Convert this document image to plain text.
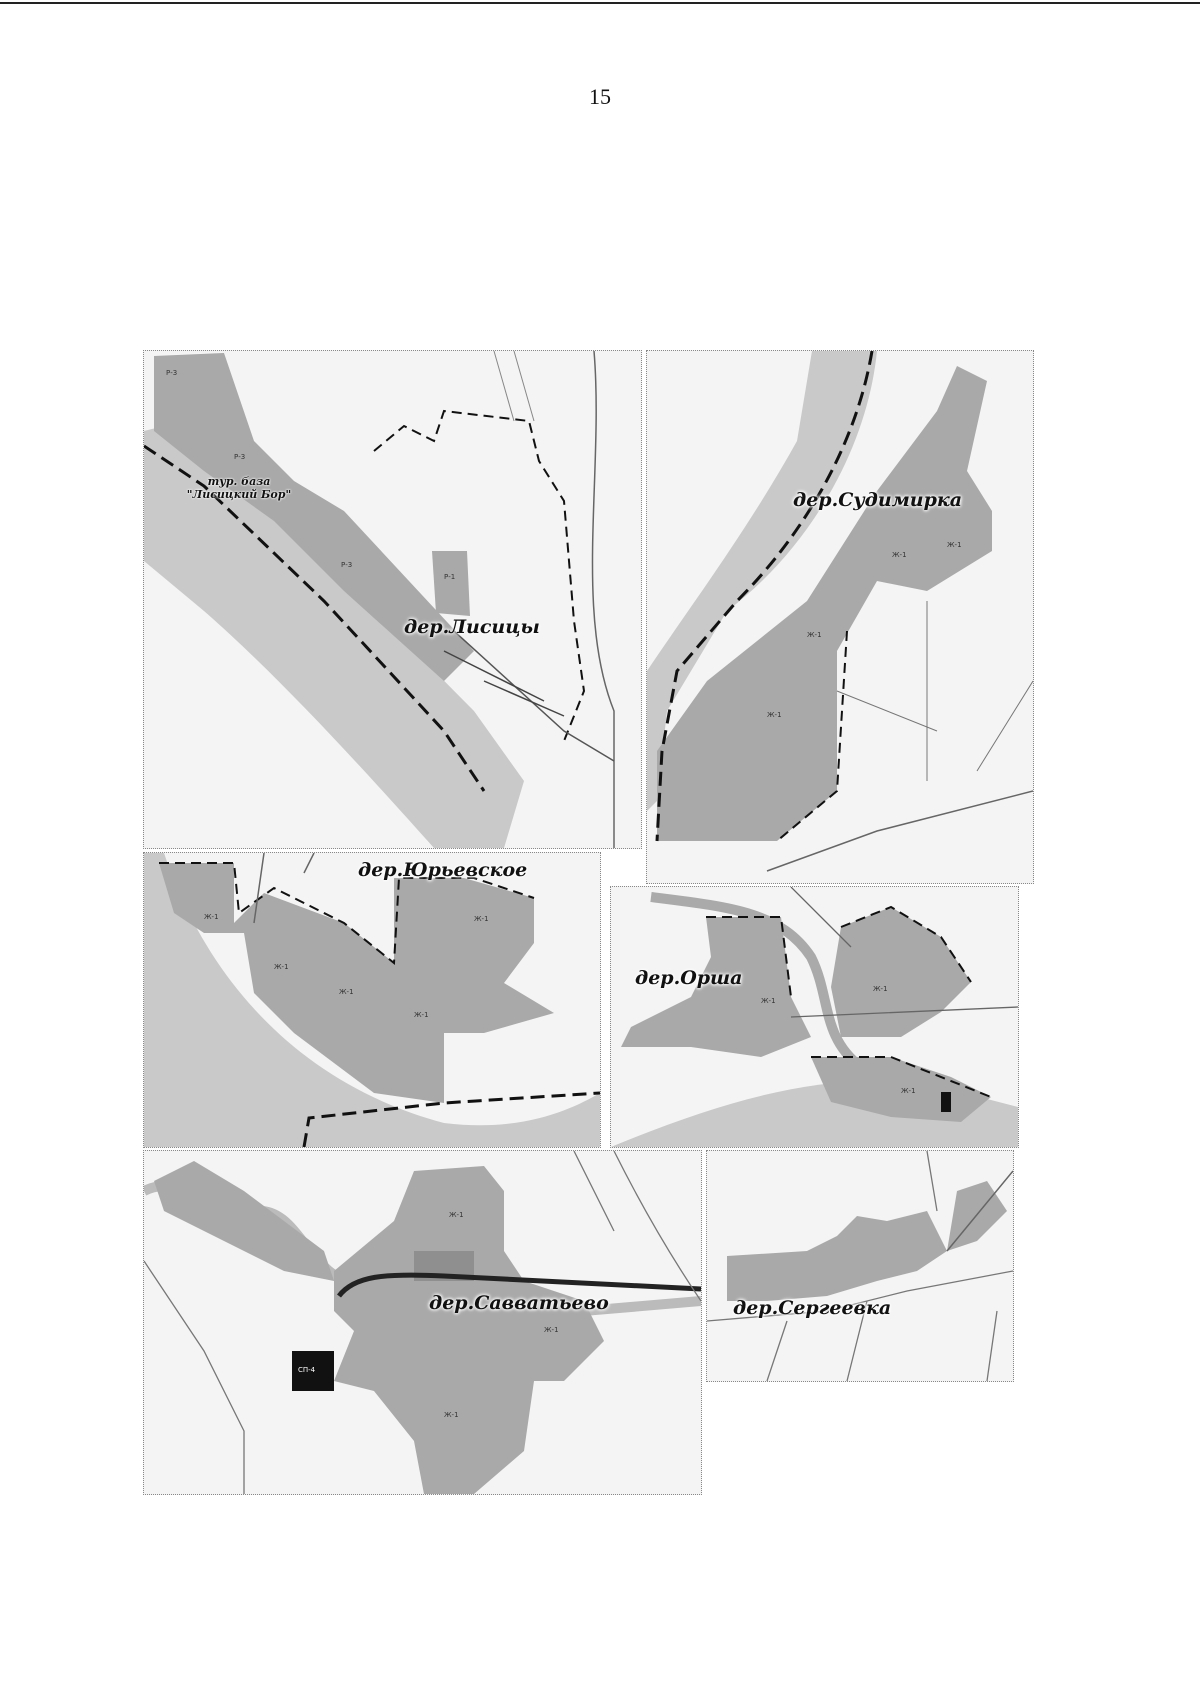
15
Р-3
Р-3
Р-3
Р-1
тур. база
"Лисицкий Бор"
дер.Лисицы
Ж-1
Ж-1
Ж-1
Ж-1
дер.Судимирка
Ж-1
Ж-1
Ж-1
Ж-1
Ж-1
дер.Юрьевское
Ж-1
Ж-1
Ж-1
дер.Орша
Ж-1
Ж-1
Ж-1
СП-4
дер.Савватьево	дер.Сергеевка
